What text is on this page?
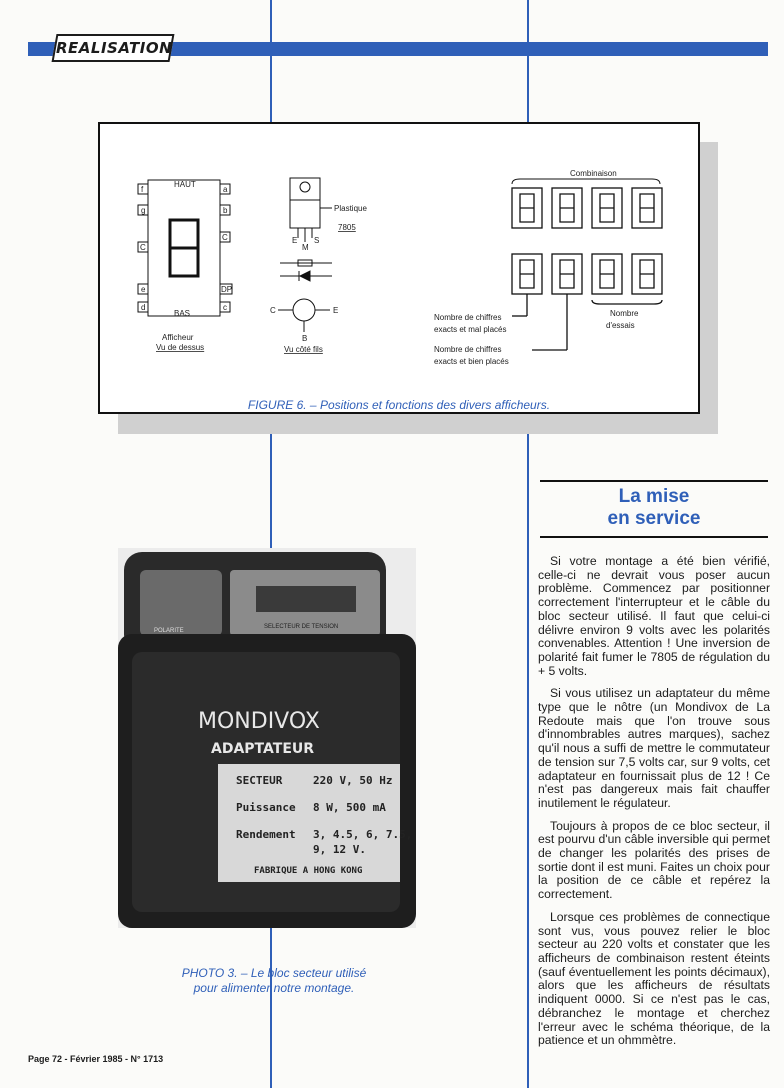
REALISATION
HAUT
BAS
f
g
C
e
d
a
b
C
DP
c
Afficheur
Vu de dessus
Plastique
7805
E
M
S
C	E
B
Vu côté fils
Combinaison
Nombre de chiffres
exacts et mal placés
Nombre de chiffres
exacts et bien placés
Nombre
d'essais
FIGURE 6. – Positions et fonctions des divers afficheurs.
SELECTEUR DE TENSION
POLARITE
MONDIVOX
ADAPTATEUR
SECTEUR	220 V, 50 Hz
Puissance 8 W, 500 mA
Rendement 3, 4.5, 6, 7.5,
9, 12 V.
FABRIQUE A HONG KONG
PHOTO 3. – Le bloc secteur utilisé
pour alimenter notre montage.
La mise
en service

Si votre montage a été bien vérifié, celle-ci ne devrait vous poser aucun problème. Commencez par positionner correctement l'interrupteur et le câble du bloc secteur utilisé. Il faut que celui-ci délivre environ 9 volts avec les polarités convenables. Attention ! Une inversion de polarité fait fumer le 7805 de régulation du + 5 volts.

Si vous utilisez un adaptateur du même type que le nôtre (un Mondivox de La Redoute mais que l'on trouve sous d'innombrables autres marques), sachez qu'il nous a suffi de mettre le commutateur de tension sur 7,5 volts car, sur 9 volts, cet adaptateur en fournissait plus de 12 ! Ce n'est pas dangereux mais fait chauffer inutilement le régulateur.

Toujours à propos de ce bloc secteur, il est pourvu d'un câble inversible qui permet de changer les polarités des prises de sortie dont il est muni. Faites un choix pour la position de ce câble et repérez la correctement.

Lorsque ces problèmes de connectique sont vus, vous pouvez relier le bloc secteur au 220 volts et constater que les afficheurs de combinaison restent éteints (sauf éventuellement les points décimaux), alors que les afficheurs de résultats indiquent 0000. Si ce n'est pas le cas, débranchez le montage et cherchez l'erreur avec le schéma théorique, de la patience et un ohmmètre.

Page 72 - Février 1985 - N° 1713
